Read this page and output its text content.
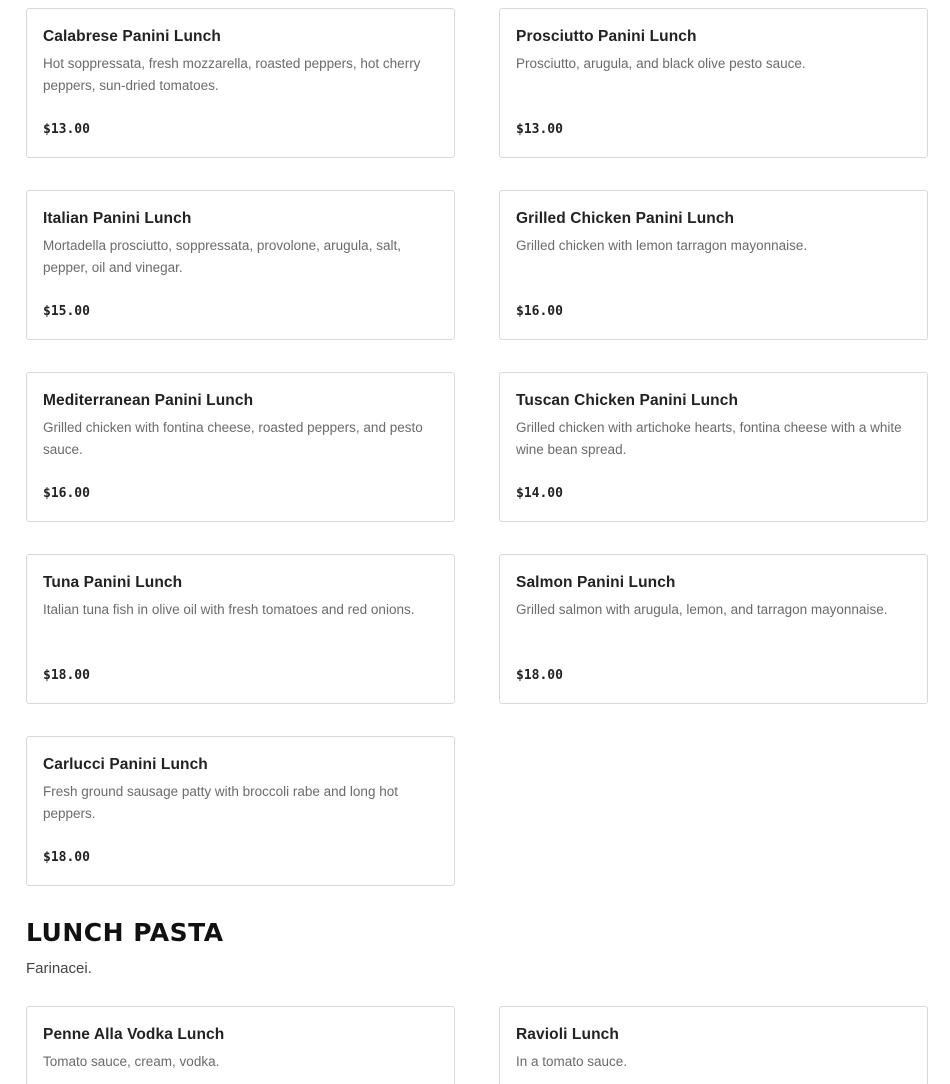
Calabrese Panini Lunch
Hot soppressata, fresh mozzarella, roasted peppers, hot cherry peppers, sun-dried tomatoes.
$13.00
Prosciutto Panini Lunch
Prosciutto, arugula, and black olive pesto sauce.
$13.00
Italian Panini Lunch
Mortadella prosciutto, soppressata, provolone, arugula, salt, pepper, oil and vinegar.
$15.00
Grilled Chicken Panini Lunch
Grilled chicken with lemon tarragon mayonnaise.
$16.00
Mediterranean Panini Lunch
Grilled chicken with fontina cheese, roasted peppers, and pesto sauce.
$16.00
Tuscan Chicken Panini Lunch
Grilled chicken with artichoke hearts, fontina cheese with a white wine bean spread.
$14.00
Tuna Panini Lunch
Italian tuna fish in olive oil with fresh tomatoes and red onions.
$18.00
Salmon Panini Lunch
Grilled salmon with arugula, lemon, and tarragon mayonnaise.
$18.00
Carlucci Panini Lunch
Fresh ground sausage patty with broccoli rabe and long hot peppers.
$18.00
LUNCH PASTA
Farinacei.
Penne Alla Vodka Lunch
Tomato sauce, cream, vodka.
Ravioli Lunch
In a tomato sauce.
